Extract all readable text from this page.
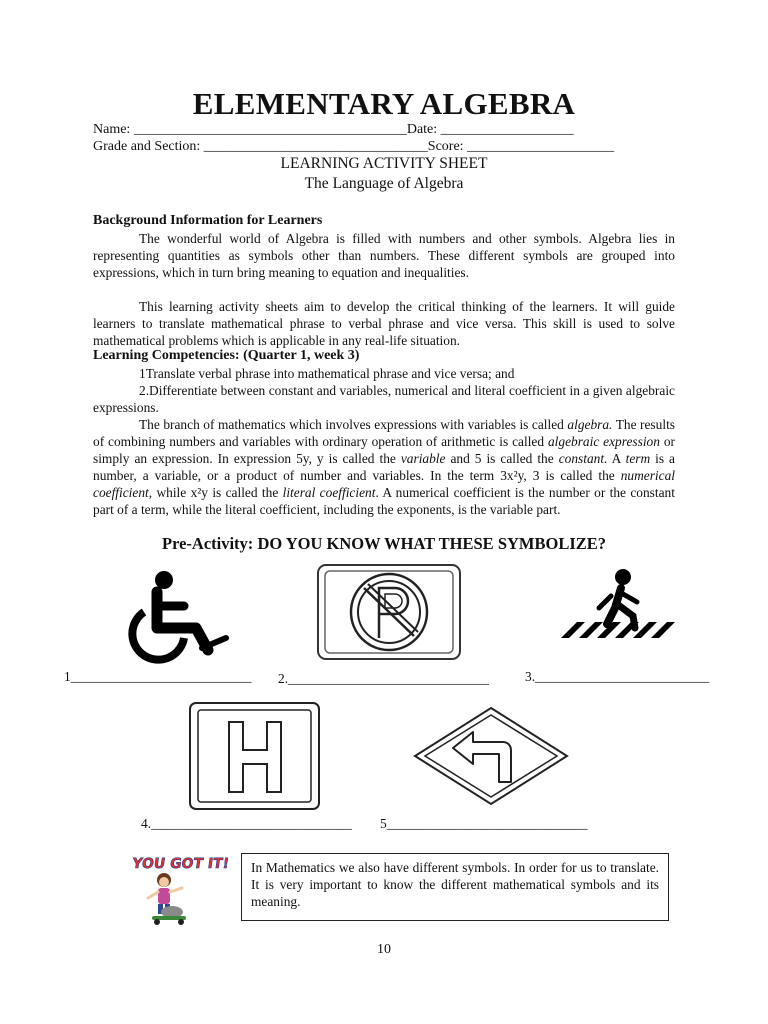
ELEMENTARY ALGEBRA
Name: _______________________________________Date: ___________________
Grade and Section: ________________________________Score: _____________________
LEARNING ACTIVITY SHEET
The Language of Algebra
Background Information for Learners

The wonderful world of Algebra is filled with numbers and other symbols. Algebra lies in representing quantities as symbols other than numbers. These different symbols are grouped into expressions, which in turn bring meaning to equation and inequalities.

This learning activity sheets aim to develop the critical thinking of the learners. It will guide learners to translate mathematical phrase to verbal phrase and vice versa. This skill is used to solve mathematical problems which is applicable in any real-life situation.

Learning Competencies: (Quarter 1, week 3)

1Translate verbal phrase into mathematical phrase and vice versa; and

2.Differentiate between constant and variables, numerical and literal coefficient in a given algebraic expressions.

The branch of mathematics which involves expressions with variables is called algebra. The results of combining numbers and variables with ordinary operation of arithmetic is called algebraic expression or simply an expression. In expression 5y, y is called the variable and 5 is called the constant. A term is a number, a variable, or a product of number and variables. In the term 3x²y, 3 is called the numerical coefficient, while x²y is called the literal coefficient. A numerical coefficient is the number or the constant part of a term, while the literal coefficient, including the exponents, is the variable part.

Pre-Activity: DO YOU KNOW WHAT THESE SYMBOLIZE?
1___________________________ 2.______________________________	3.__________________________
4.______________________________ 5______________________________
YOU GOT IT!	In Mathematics we also have different symbols. In order for us to translate. It is very important to know the different mathematical symbols and its meaning.
10
